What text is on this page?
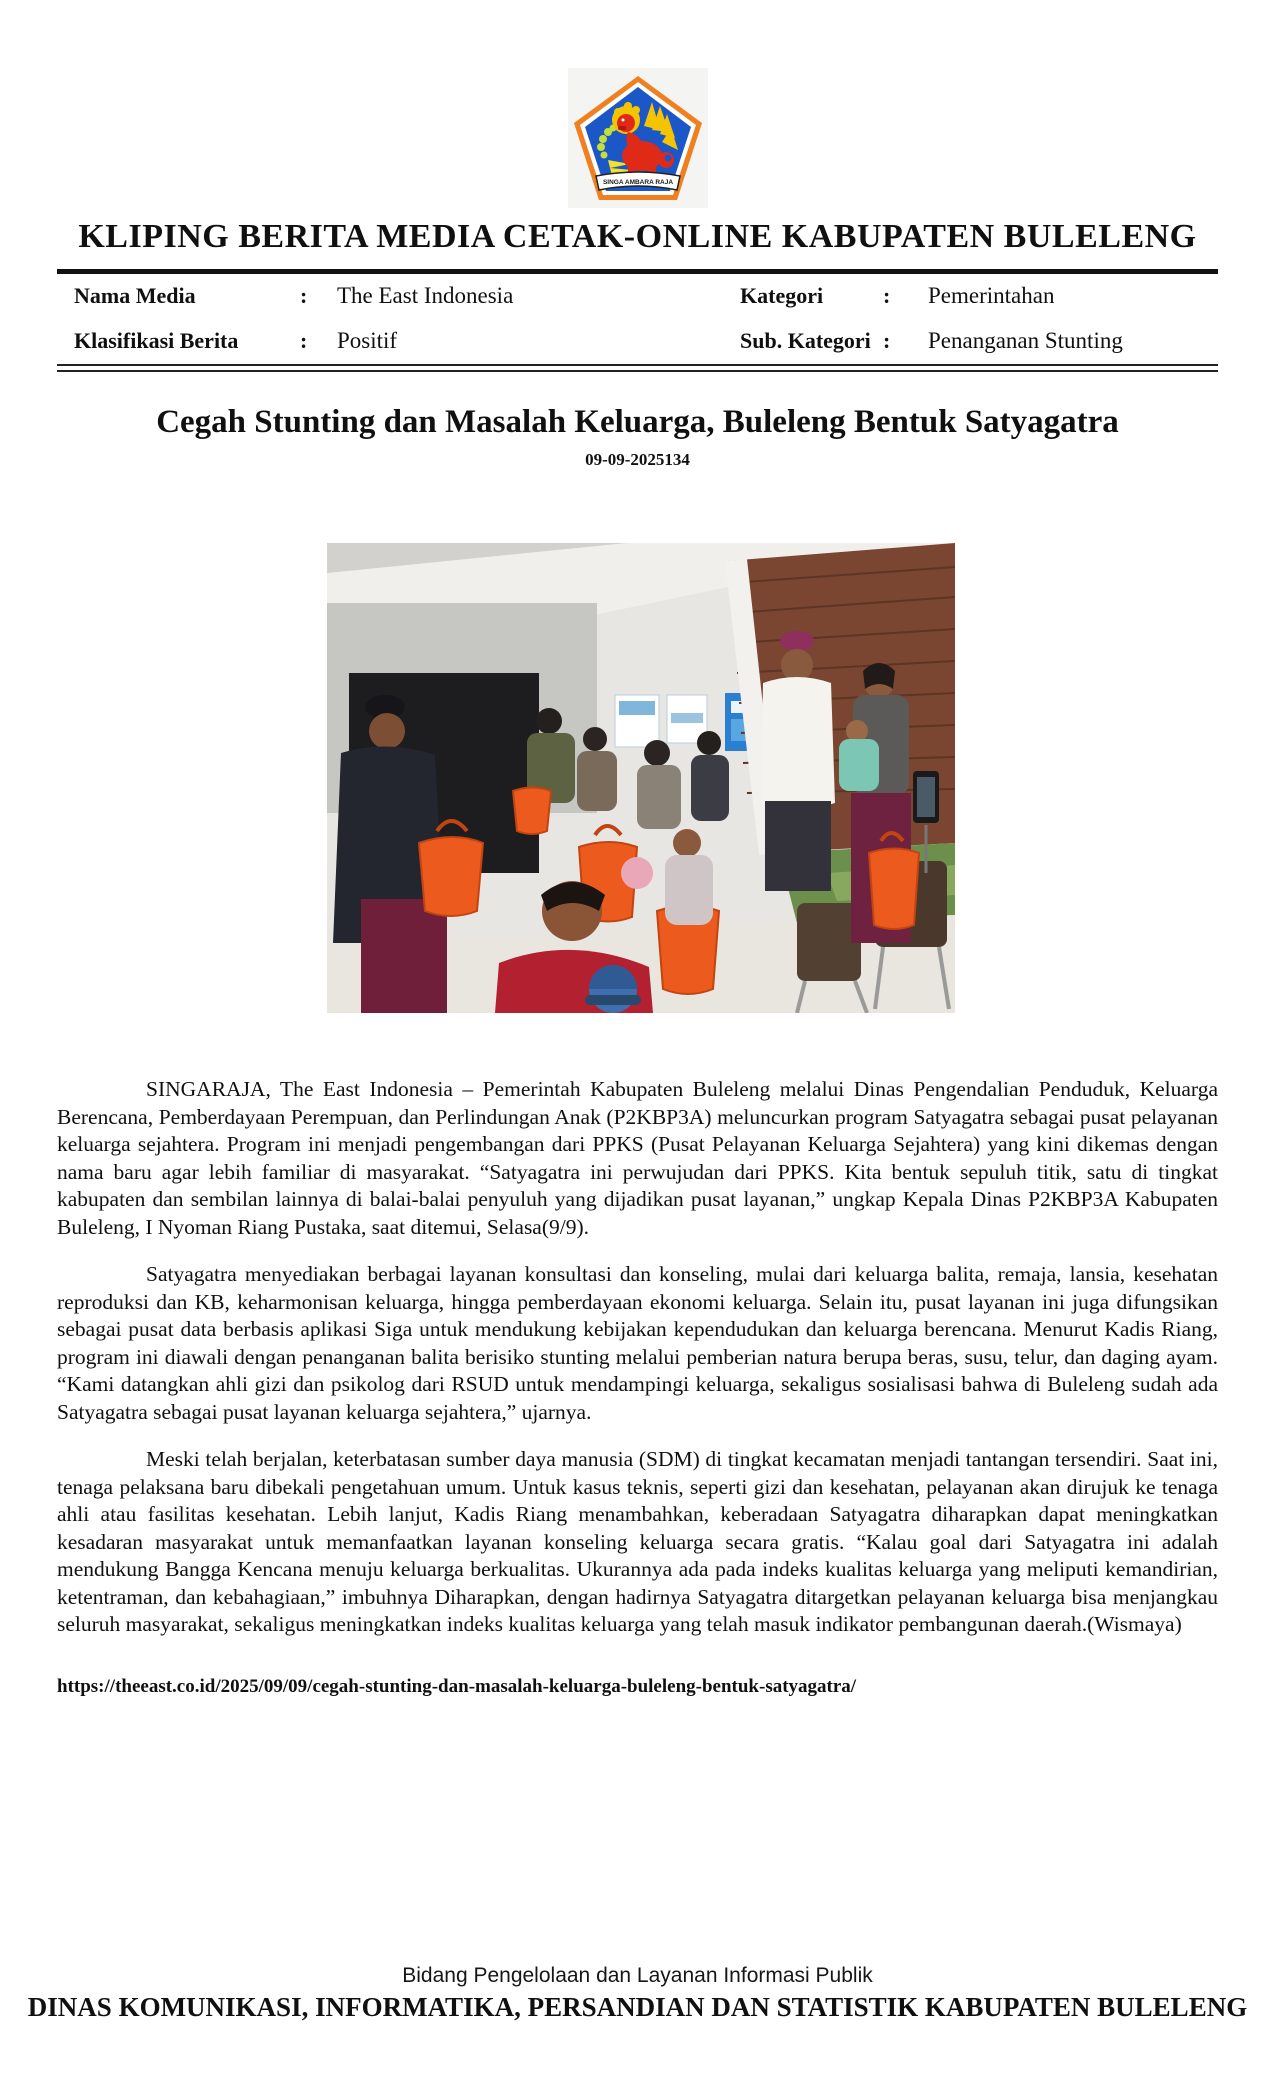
SINGA AMBARA RAJA
KLIPING BERITA MEDIA CETAK-ONLINE KABUPATEN BULELENG
Nama Media	: The East Indonesia	Kategori	: Pemerintahan
Klasifikasi Berita	: Positif	Sub. Kategori : Penanganan Stunting
Cegah Stunting dan Masalah Keluarga, Buleleng Bentuk Satyagatra
09-09-2025134

SINGARAJA, The East Indonesia – Pemerintah Kabupaten Buleleng melalui Dinas Pengendalian Penduduk, Keluarga Berencana, Pemberdayaan Perempuan, dan Perlindungan Anak (P2KBP3A) meluncurkan program Satyagatra sebagai pusat pelayanan keluarga sejahtera. Program ini menjadi pengembangan dari PPKS (Pusat Pelayanan Keluarga Sejahtera) yang kini dikemas dengan nama baru agar lebih familiar di masyarakat. “Satyagatra ini perwujudan dari PPKS. Kita bentuk sepuluh titik, satu di tingkat kabupaten dan sembilan lainnya di balai-balai penyuluh yang dijadikan pusat layanan,” ungkap Kepala Dinas P2KBP3A Kabupaten Buleleng, I Nyoman Riang Pustaka, saat ditemui, Selasa(9/9).

Satyagatra menyediakan berbagai layanan konsultasi dan konseling, mulai dari keluarga balita, remaja, lansia, kesehatan reproduksi dan KB, keharmonisan keluarga, hingga pemberdayaan ekonomi keluarga. Selain itu, pusat layanan ini juga difungsikan sebagai pusat data berbasis aplikasi Siga untuk mendukung kebijakan kependudukan dan keluarga berencana. Menurut Kadis Riang, program ini diawali dengan penanganan balita berisiko stunting melalui pemberian natura berupa beras, susu, telur, dan daging ayam. “Kami datangkan ahli gizi dan psikolog dari RSUD untuk mendampingi keluarga, sekaligus sosialisasi bahwa di Buleleng sudah ada Satyagatra sebagai pusat layanan keluarga sejahtera,” ujarnya.

Meski telah berjalan, keterbatasan sumber daya manusia (SDM) di tingkat kecamatan menjadi tantangan tersendiri. Saat ini, tenaga pelaksana baru dibekali pengetahuan umum. Untuk kasus teknis, seperti gizi dan kesehatan, pelayanan akan dirujuk ke tenaga ahli atau fasilitas kesehatan. Lebih lanjut, Kadis Riang menambahkan, keberadaan Satyagatra diharapkan dapat meningkatkan kesadaran masyarakat untuk memanfaatkan layanan konseling keluarga secara gratis. “Kalau goal dari Satyagatra ini adalah mendukung Bangga Kencana menuju keluarga berkualitas. Ukurannya ada pada indeks kualitas keluarga yang meliputi kemandirian, ketentraman, dan kebahagiaan,” imbuhnya Diharapkan, dengan hadirnya Satyagatra ditargetkan pelayanan keluarga bisa menjangkau seluruh masyarakat, sekaligus meningkatkan indeks kualitas keluarga yang telah masuk indikator pembangunan daerah.(Wismaya)

https://theeast.co.id/2025/09/09/cegah-stunting-dan-masalah-keluarga-buleleng-bentuk-satyagatra/
Bidang Pengelolaan dan Layanan Informasi Publik
DINAS KOMUNIKASI, INFORMATIKA, PERSANDIAN DAN STATISTIK KABUPATEN BULELENG
